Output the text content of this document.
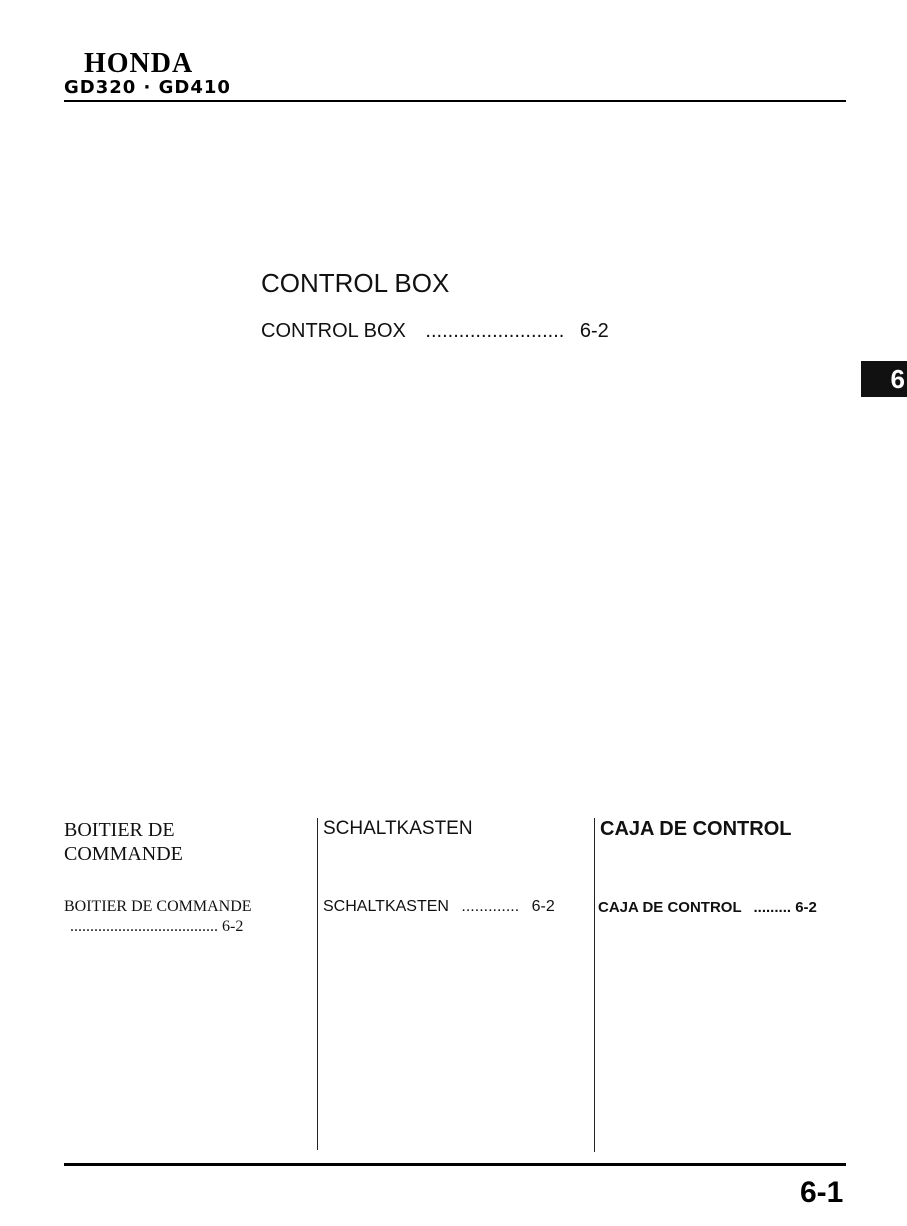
HONDA
GD320 · GD410
CONTROL BOX
CONTROL BOX ......................... 6-2
6
BOITIER DE COMMANDE
SCHALTKASTEN	CAJA DE CONTROL
BOITIER DE COMMANDE
..................................... 6-2
SCHALTKASTEN ............. 6-2	CAJA DE CONTROL ......... 6-2
6-1
